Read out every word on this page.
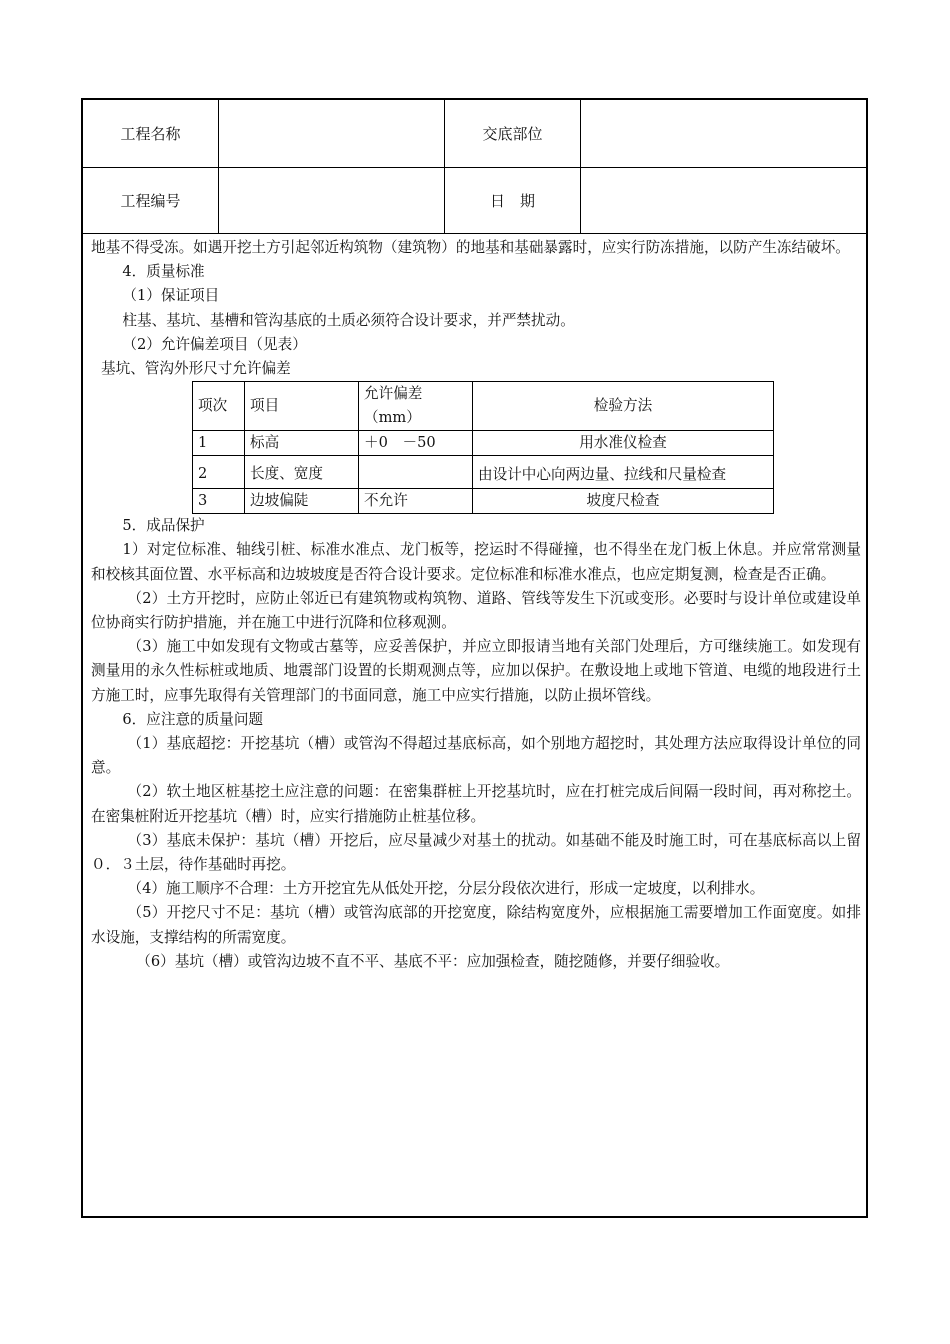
工程名称	交底部位
工程编号	日　期

地基不得受冻。如遇开挖土方引起邻近构筑物（建筑物）的地基和基础暴露时，应实行防冻措施，以防产生冻结破坏。

4．质量标准

（1）保证项目

柱基、基坑、基槽和管沟基底的土质必须符合设计要求，并严禁扰动。

（2）允许偏差项目（见表）

基坑、管沟外形尺寸允许偏差

项次	项目	允许偏差（mm）	检验方法
1	标高	＋0　－50	用水准仪检查
2	长度、宽度		由设计中心向两边量、拉线和尺量检查
3	边坡偏陡	不允许	坡度尺检查

5．成品保护

1）对定位标准、轴线引桩、标准水准点、龙门板等，挖运时不得碰撞，也不得坐在龙门板上休息。并应常常测量和校核其面位置、水平标高和边坡坡度是否符合设计要求。定位标准和标准水准点，也应定期复测，检查是否正确。

（2）土方开挖时，应防止邻近已有建筑物或构筑物、道路、管线等发生下沉或变形。必要时与设计单位或建设单位协商实行防护措施，并在施工中进行沉降和位移观测。

（3）施工中如发现有文物或古墓等，应妥善保护，并应立即报请当地有关部门处理后，方可继续施工。如发现有测量用的永久性标桩或地质、地震部门设置的长期观测点等，应加以保护。在敷设地上或地下管道、电缆的地段进行土方施工时，应事先取得有关管理部门的书面同意，施工中应实行措施，以防止损坏管线。

6．应注意的质量问题

（1）基底超挖：开挖基坑（槽）或管沟不得超过基底标高，如个别地方超挖时，其处理方法应取得设计单位的同意。

（2）软土地区桩基挖土应注意的问题：在密集群桩上开挖基坑时，应在打桩完成后间隔一段时间，再对称挖土。在密集桩附近开挖基坑（槽）时，应实行措施防止桩基位移。

（3）基底未保护：基坑（槽）开挖后，应尽量减少对基土的扰动。如基础不能及时施工时，可在基底标高以上留０．３土层，待作基础时再挖。

（4）施工顺序不合理：土方开挖宜先从低处开挖，分层分段依次进行，形成一定坡度，以利排水。

（5）开挖尺寸不足：基坑（槽）或管沟底部的开挖宽度，除结构宽度外，应根据施工需要增加工作面宽度。如排水设施，支撑结构的所需宽度。

（6）基坑（槽）或管沟边坡不直不平、基底不平：应加强检查，随挖随修，并要仔细验收。
